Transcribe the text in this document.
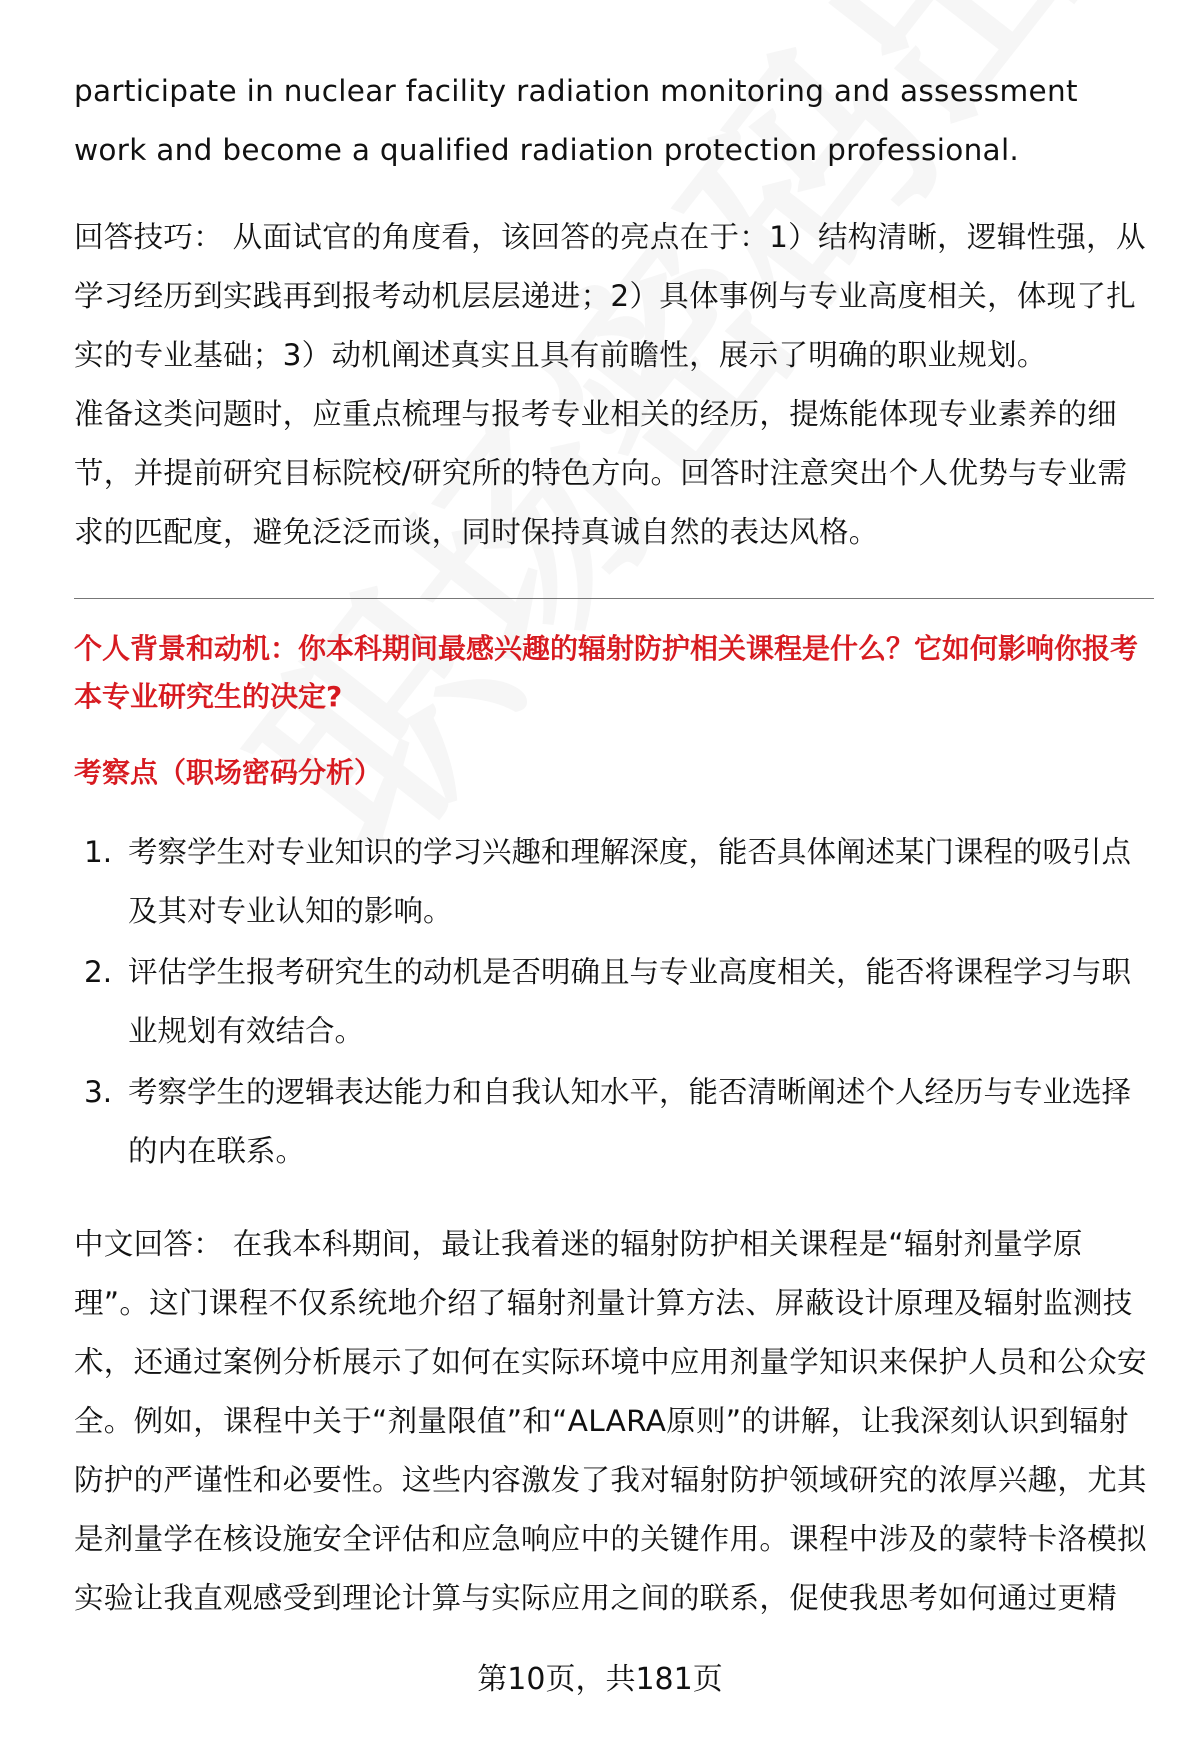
participate in nuclear facility radiation monitoring and assessment work and become a qualified radiation protection professional.

回答技巧： 从面试官的角度看，该回答的亮点在于：1）结构清晰，逻辑性强，从学习经历到实践再到报考动机层层递进；2）具体事例与专业高度相关，体现了扎实的专业基础；3）动机阐述真实且具有前瞻性，展示了明确的职业规划。

准备这类问题时，应重点梳理与报考专业相关的经历，提炼能体现专业素养的细节，并提前研究目标院校/研究所的特色方向。回答时注意突出个人优势与专业需求的匹配度，避免泛泛而谈，同时保持真诚自然的表达风格。

个人背景和动机：你本科期间最感兴趣的辐射防护相关课程是什么？它如何影响你报考本专业研究生的决定?

考察点（职场密码分析）

1. 考察学生对专业知识的学习兴趣和理解深度，能否具体阐述某门课程的吸引点及其对专业认知的影响。
2. 评估学生报考研究生的动机是否明确且与专业高度相关，能否将课程学习与职业规划有效结合。
3. 考察学生的逻辑表达能力和自我认知水平，能否清晰阐述个人经历与专业选择的内在联系。

中文回答： 在我本科期间，最让我着迷的辐射防护相关课程是“辐射剂量学原理”。这门课程不仅系统地介绍了辐射剂量计算方法、屏蔽设计原理及辐射监测技术，还通过案例分析展示了如何在实际环境中应用剂量学知识来保护人员和公众安全。例如，课程中关于“剂量限值”和“ALARA原则”的讲解，让我深刻认识到辐射防护的严谨性和必要性。这些内容激发了我对辐射防护领域研究的浓厚兴趣，尤其是剂量学在核设施安全评估和应急响应中的关键作用。课程中涉及的蒙特卡洛模拟实验让我直观感受到理论计算与实际应用之间的联系，促使我思考如何通过更精

第10页，共181页
